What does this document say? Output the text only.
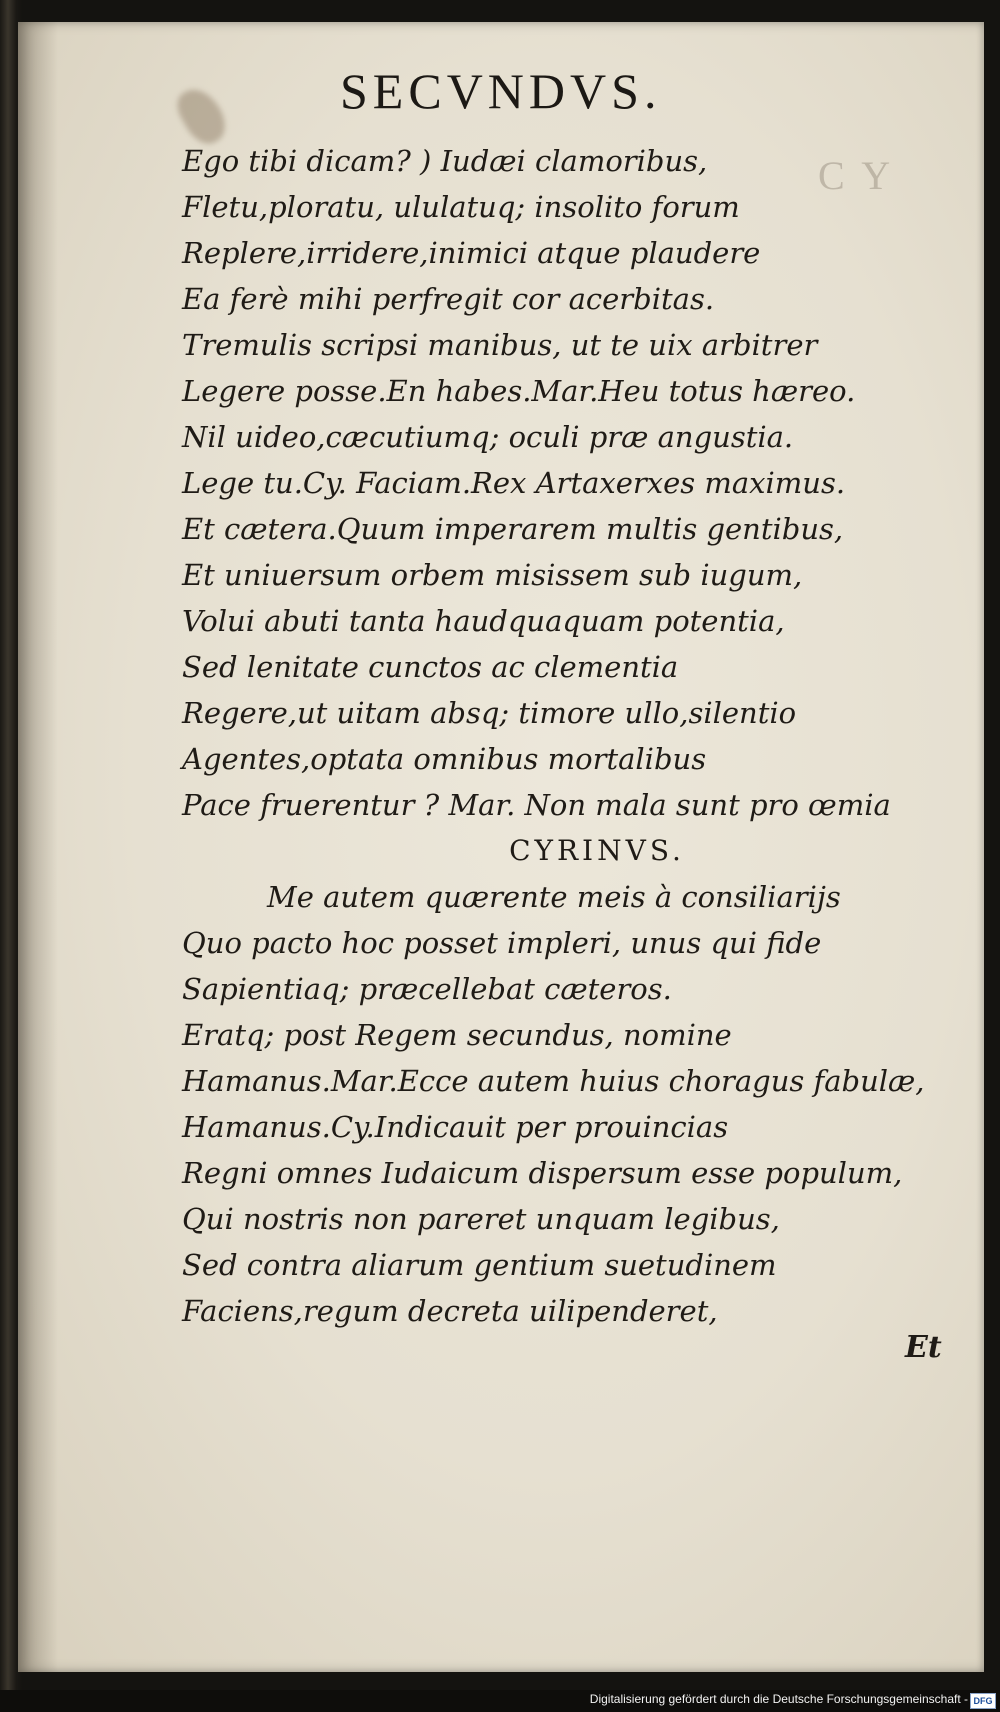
C Y
SECVNDVS.
Ego tibi dicam? ) Iudæi clamoribus,
Fletu,ploratu, ululatuq; insolito forum
Replere,irridere,inimici atque plaudere
Ea ferè mihi perfregit cor acerbitas.
Tremulis scripsi manibus, ut te uix arbitrer
Legere posse.En habes.Mar.Heu totus hæreo.
Nil uideo,cæcutiumq; oculi præ angustia.
Lege tu.Cy. Faciam.Rex Artaxerxes maximus.
Et cætera.Quum imperarem multis gentibus,
Et uniuersum orbem misissem sub iugum,
Volui abuti tanta haudquaquam potentia,
Sed lenitate cunctos ac clementia
Regere,ut uitam absq; timore ullo,silentio
Agentes,optata omnibus mortalibus
Pace fruerentur ? Mar. Non mala sunt pro œmia
CYRINVS.
Me autem quærente meis à consiliarijs
Quo pacto hoc posset impleri, unus qui fide
Sapientiaq; præcellebat cæteros.
Eratq; post Regem secundus, nomine
Hamanus.Mar.Ecce autem huius choragus fabulæ,
Hamanus.Cy.Indicauit per prouincias
Regni omnes Iudaicum dispersum esse populum,
Qui nostris non pareret unquam legibus,
Sed contra aliarum gentium suetudinem
Faciens,regum decreta uilipenderet,
Et
Digitalisierung gefördert durch die Deutsche Forschungsgemeinschaft - DFG
